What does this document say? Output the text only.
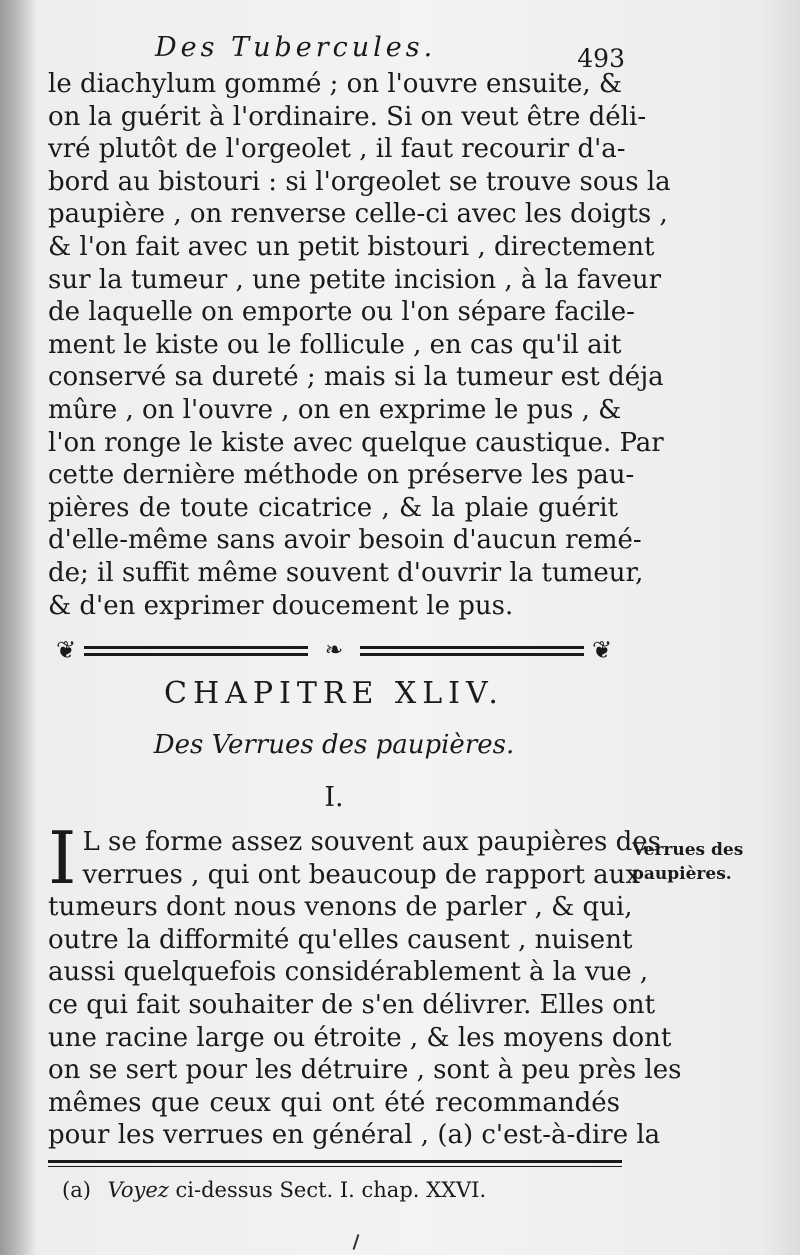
Des Tubercules.	493
le diachylum gommé ; on l'ouvre ensuite, &
on la guérit à l'ordinaire. Si on veut être déli-
vré plutôt de l'orgeolet , il faut recourir d'a-
bord au bistouri : si l'orgeolet se trouve sous la
paupière , on renverse celle-ci avec les doigts ,
& l'on fait avec un petit bistouri , directement
sur la tumeur , une petite incision , à la faveur
de laquelle on emporte ou l'on sépare facile-
ment le kiste ou le follicule , en cas qu'il ait
conservé sa dureté ; mais si la tumeur est déja
mûre , on l'ouvre , on en exprime le pus , &
l'on ronge le kiste avec quelque caustique. Par
cette dernière méthode on préserve les pau-
pières de toute cicatrice , & la plaie guérit
d'elle-même sans avoir besoin d'aucun remé-
de; il suffit même souvent d'ouvrir la tumeur,
& d'en exprimer doucement le pus.
❦	❧	❦
CHAPITRE XLIV.
Des Verrues des paupières.
I.
I L se forme assez souvent aux paupières des
verrues , qui ont beaucoup de rapport aux
tumeurs dont nous venons de parler , & qui,
outre la difformité qu'elles causent , nuisent
aussi quelquefois considérablement à la vue ,
ce qui fait souhaiter de s'en délivrer. Elles ont
une racine large ou étroite , & les moyens dont
on se sert pour les détruire , sont à peu près les
mêmes que ceux qui ont été recommandés
pour les verrues en général , (a) c'est-à-dire la
Verrues des
paupières.
(a) Voyez ci-dessus Sect. I. chap. XXVI.
